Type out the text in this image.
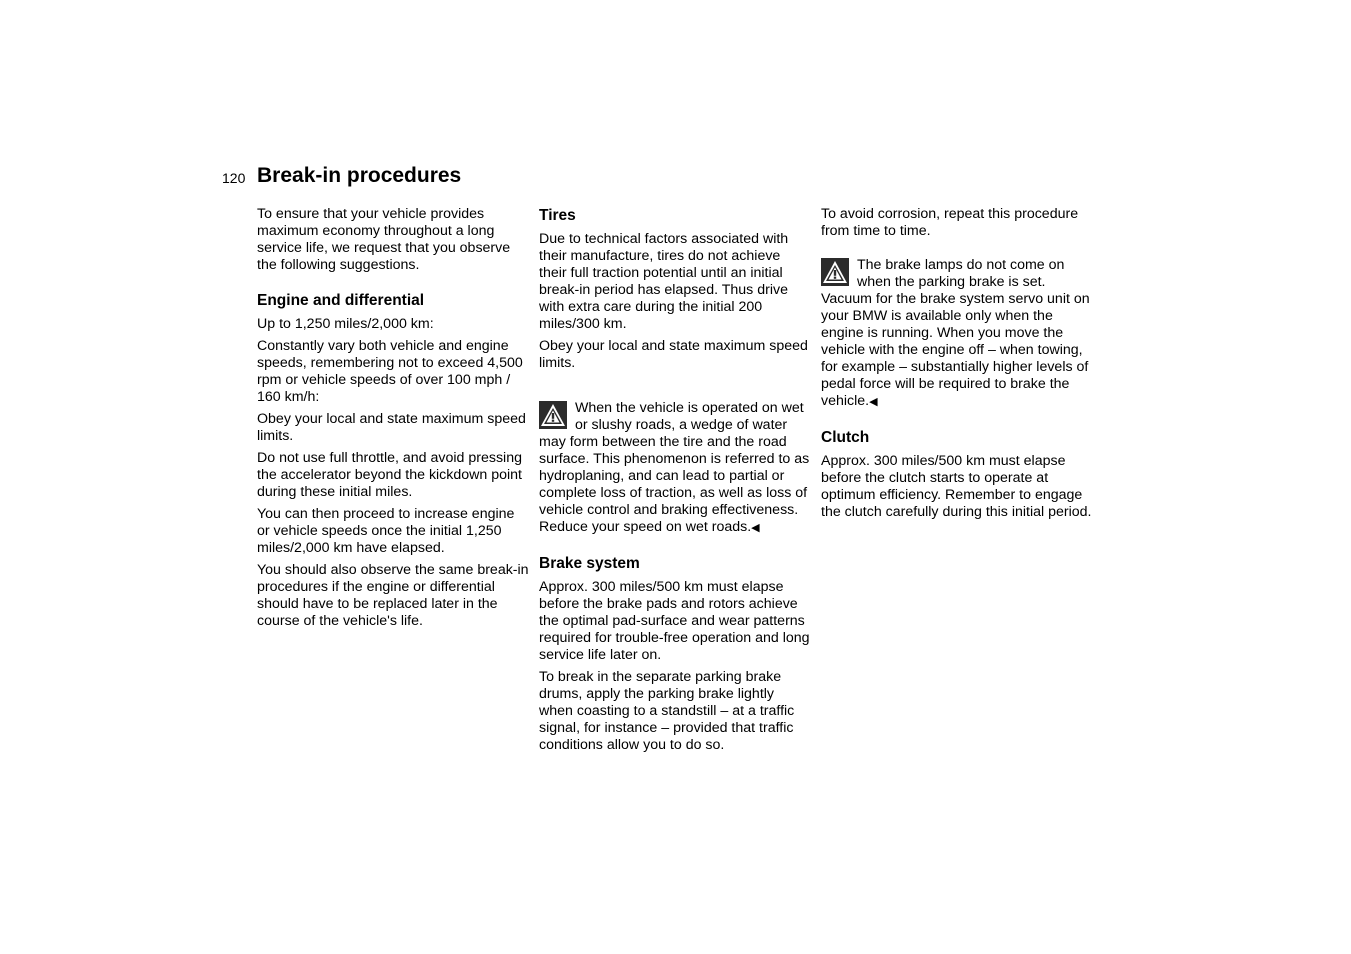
120 Break-in procedures

To ensure that your vehicle provides maximum economy throughout a long service life, we request that you observe the following suggestions.

Engine and differential

Up to 1,250 miles/2,000 km:

Constantly vary both vehicle and engine speeds, remembering not to exceed 4,500 rpm or vehicle speeds of over 100 mph / 160 km/h:

Obey your local and state maximum speed limits.

Do not use full throttle, and avoid pressing the accelerator beyond the kickdown point during these initial miles.

You can then proceed to increase engine or vehicle speeds once the initial 1,250 miles/2,000 km have elapsed.

You should also observe the same break-in procedures if the engine or differential should have to be replaced later in the course of the vehicle's life.

Tires

Due to technical factors associated with their manufacture, tires do not achieve their full traction potential until an initial break-in period has elapsed. Thus drive with extra care during the initial 200 miles/300 km.

Obey your local and state maximum speed limits.

When the vehicle is operated on wet or slushy roads, a wedge of water may form between the tire and the road surface. This phenomenon is referred to as hydroplaning, and can lead to partial or complete loss of traction, as well as loss of vehicle control and braking effectiveness. Reduce your speed on wet roads.◀
Brake system

Approx. 300 miles/500 km must elapse before the brake pads and rotors achieve the optimal pad-surface and wear patterns required for trouble-free operation and long service life later on.

To break in the separate parking brake drums, apply the parking brake lightly when coasting to a standstill – at a traffic signal, for instance – provided that traffic conditions allow you to do so.

To avoid corrosion, repeat this procedure from time to time.

The brake lamps do not come on when the parking brake is set. Vacuum for the brake system servo unit on your BMW is available only when the engine is running. When you move the vehicle with the engine off – when towing, for example – substantially higher levels of pedal force will be required to brake the vehicle.◀
Clutch

Approx. 300 miles/500 km must elapse before the clutch starts to operate at optimum efficiency. Remember to engage the clutch carefully during this initial period.
